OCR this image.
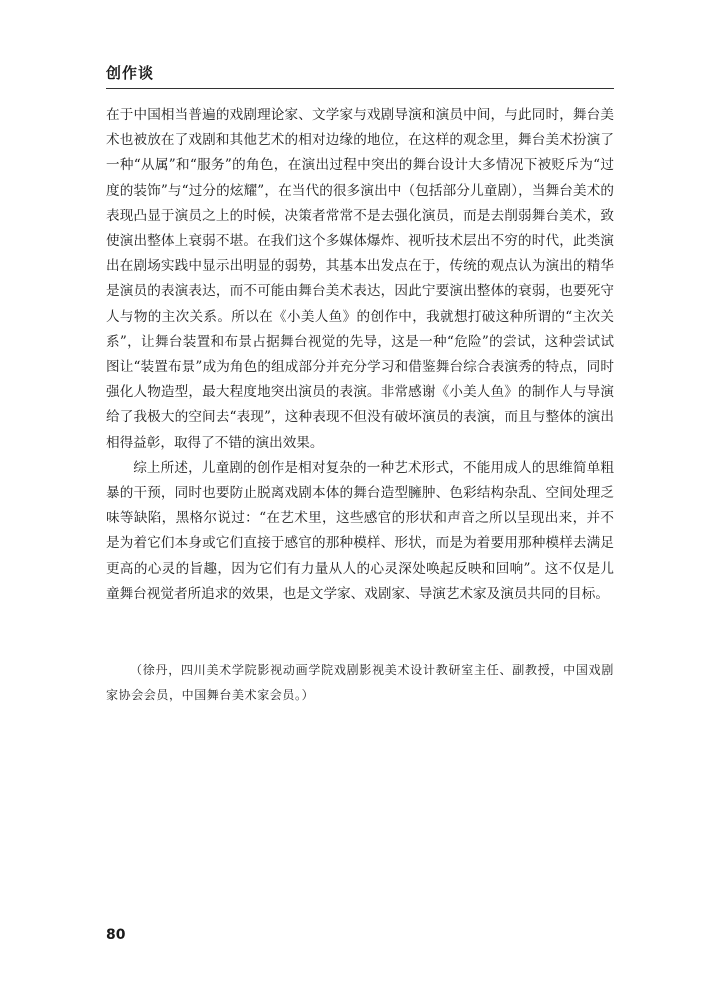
创作谈

在于中国相当普遍的戏剧理论家、文学家与戏剧导演和演员中间，与此同时，舞台美术也被放在了戏剧和其他艺术的相对边缘的地位，在这样的观念里，舞台美术扮演了一种“从属”和“服务”的角色，在演出过程中突出的舞台设计大多情况下被贬斥为“过度的装饰”与“过分的炫耀”，在当代的很多演出中（包括部分儿童剧），当舞台美术的表现凸显于演员之上的时候，决策者常常不是去强化演员，而是去削弱舞台美术，致使演出整体上衰弱不堪。在我们这个多媒体爆炸、视听技术层出不穷的时代，此类演出在剧场实践中显示出明显的弱势，其基本出发点在于，传统的观点认为演出的精华是演员的表演表达，而不可能由舞台美术表达，因此宁要演出整体的衰弱，也要死守人与物的主次关系。所以在《小美人鱼》的创作中，我就想打破这种所谓的“主次关系”，让舞台装置和布景占据舞台视觉的先导，这是一种“危险”的尝试，这种尝试试图让“装置布景”成为角色的组成部分并充分学习和借鉴舞台综合表演秀的特点，同时强化人物造型，最大程度地突出演员的表演。非常感谢《小美人鱼》的制作人与导演给了我极大的空间去“表现”，这种表现不但没有破坏演员的表演，而且与整体的演出相得益彰，取得了不错的演出效果。

综上所述，儿童剧的创作是相对复杂的一种艺术形式，不能用成人的思维简单粗暴的干预，同时也要防止脱离戏剧本体的舞台造型臃肿、色彩结构杂乱、空间处理乏味等缺陷，黑格尔说过：“在艺术里，这些感官的形状和声音之所以呈现出来，并不是为着它们本身或它们直接于感官的那种模样、形状，而是为着要用那种模样去满足更高的心灵的旨趣，因为它们有力量从人的心灵深处唤起反映和回响”。这不仅是儿童舞台视觉者所追求的效果，也是文学家、戏剧家、导演艺术家及演员共同的目标。

（徐丹，四川美术学院影视动画学院戏剧影视美术设计教研室主任、副教授，中国戏剧家协会会员，中国舞台美术家会员。）
80
